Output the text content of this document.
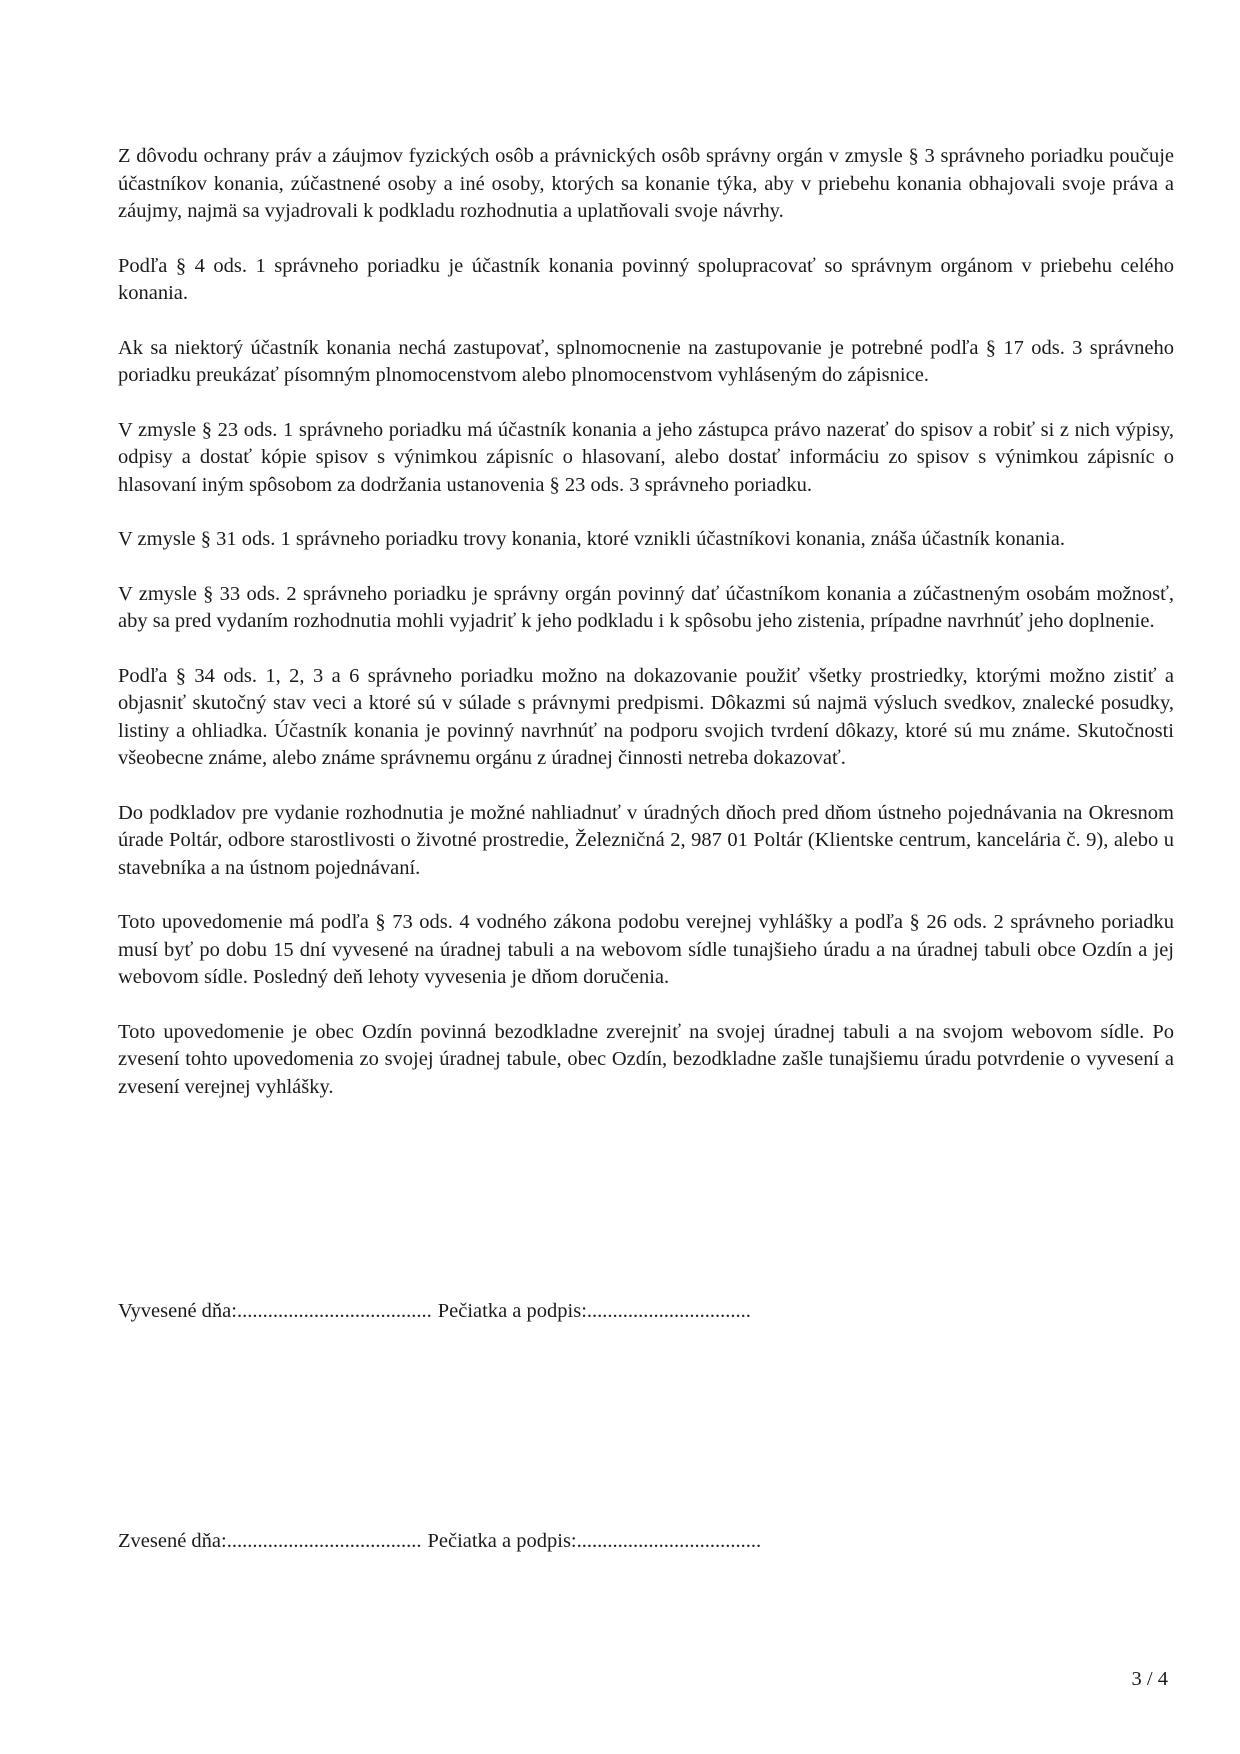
Z dôvodu ochrany práv a záujmov fyzických osôb a právnických osôb správny orgán v zmysle § 3 správneho poriadku poučuje účastníkov konania, zúčastnené osoby a iné osoby, ktorých sa konanie týka, aby v priebehu konania obhajovali svoje práva a záujmy, najmä sa vyjadrovali k podkladu rozhodnutia a uplatňovali svoje návrhy.

Podľa § 4 ods. 1 správneho poriadku je účastník konania povinný spolupracovať so správnym orgánom v priebehu celého konania.

Ak sa niektorý účastník konania nechá zastupovať, splnomocnenie na zastupovanie je potrebné podľa § 17 ods. 3 správneho poriadku preukázať písomným plnomocenstvom alebo plnomocenstvom vyhláseným do zápisnice.

V zmysle § 23 ods. 1 správneho poriadku má účastník konania a jeho zástupca právo nazerať do spisov a robiť si z nich výpisy, odpisy a dostať kópie spisov s výnimkou zápisníc o hlasovaní, alebo dostať informáciu zo spisov s výnimkou zápisníc o hlasovaní iným spôsobom za dodržania ustanovenia § 23 ods. 3 správneho poriadku.

V zmysle § 31 ods. 1 správneho poriadku trovy konania, ktoré vznikli účastníkovi konania, znáša účastník konania.

V zmysle § 33 ods. 2 správneho poriadku je správny orgán povinný dať účastníkom konania a zúčastneným osobám možnosť, aby sa pred vydaním rozhodnutia mohli vyjadriť k jeho podkladu i k spôsobu jeho zistenia, prípadne navrhnúť jeho doplnenie.

Podľa § 34 ods. 1, 2, 3 a 6 správneho poriadku možno na dokazovanie použiť všetky prostriedky, ktorými možno zistiť a objasniť skutočný stav veci a ktoré sú v súlade s právnymi predpismi. Dôkazmi sú najmä výsluch svedkov, znalecké posudky, listiny a ohliadka. Účastník konania je povinný navrhnúť na podporu svojich tvrdení dôkazy, ktoré sú mu známe. Skutočnosti všeobecne známe, alebo známe správnemu orgánu z úradnej činnosti netreba dokazovať.

Do podkladov pre vydanie rozhodnutia je možné nahliadnuť v úradných dňoch pred dňom ústneho pojednávania na Okresnom úrade Poltár, odbore starostlivosti o životné prostredie, Železničná 2, 987 01 Poltár (Klientske centrum, kancelária č. 9), alebo u stavebníka a na ústnom pojednávaní.

Toto upovedomenie má podľa § 73 ods. 4 vodného zákona podobu verejnej vyhlášky a podľa § 26 ods. 2 správneho poriadku musí byť po dobu 15 dní vyvesené na úradnej tabuli a na webovom sídle tunajšieho úradu a na úradnej tabuli obce Ozdín a jej webovom sídle. Posledný deň lehoty vyvesenia je dňom doručenia.

Toto upovedomenie je obec Ozdín povinná bezodkladne zverejniť na svojej úradnej tabuli a na svojom webovom sídle. Po zvesení tohto upovedomenia zo svojej úradnej tabule, obec Ozdín, bezodkladne zašle tunajšiemu úradu potvrdenie o vyvesení a zvesení verejnej vyhlášky.

Vyvesené dňa:...................................... Pečiatka a podpis:................................
Zvesené dňa:...................................... Pečiatka a podpis:....................................
3 / 4
